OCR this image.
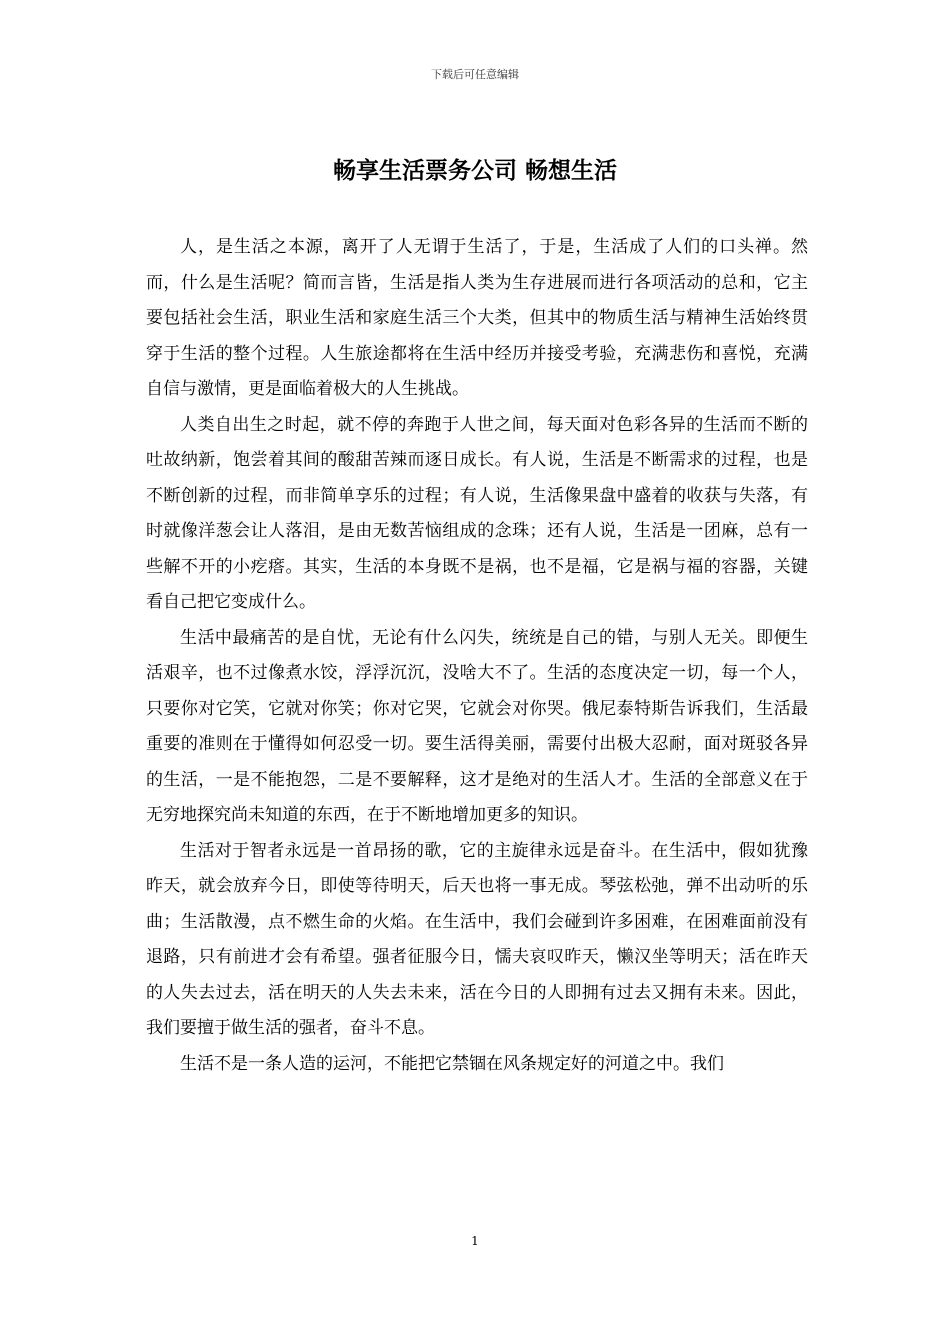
下载后可任意编辑
畅享生活票务公司 畅想生活

人，是生活之本源，离开了人无谓于生活了，于是，生活成了人们的口头禅。然而，什么是生活呢？简而言皆，生活是指人类为生存进展而进行各项活动的总和，它主要包括社会生活，职业生活和家庭生活三个大类，但其中的物质生活与精神生活始终贯穿于生活的整个过程。人生旅途都将在生活中经历并接受考验，充满悲伤和喜悦，充满自信与激情，更是面临着极大的人生挑战。

人类自出生之时起，就不停的奔跑于人世之间，每天面对色彩各异的生活而不断的吐故纳新，饱尝着其间的酸甜苦辣而逐日成长。有人说，生活是不断需求的过程，也是不断创新的过程，而非简单享乐的过程；有人说，生活像果盘中盛着的收获与失落，有时就像洋葱会让人落泪，是由无数苦恼组成的念珠；还有人说，生活是一团麻，总有一些解不开的小疙瘩。其实，生活的本身既不是祸，也不是福，它是祸与福的容器，关键看自己把它变成什么。

生活中最痛苦的是自忧，无论有什么闪失，统统是自己的错，与别人无关。即便生活艰辛，也不过像煮水饺，浮浮沉沉，没啥大不了。生活的态度决定一切，每一个人，只要你对它笑，它就对你笑；你对它哭，它就会对你哭。俄尼泰特斯告诉我们，生活最重要的准则在于懂得如何忍受一切。要生活得美丽，需要付出极大忍耐，面对斑驳各异的生活，一是不能抱怨，二是不要解释，这才是绝对的生活人才。生活的全部意义在于无穷地探究尚未知道的东西，在于不断地增加更多的知识。

生活对于智者永远是一首昂扬的歌，它的主旋律永远是奋斗。在生活中，假如犹豫昨天，就会放弃今日，即使等待明天，后天也将一事无成。琴弦松弛，弹不出动听的乐曲；生活散漫，点不燃生命的火焰。在生活中，我们会碰到许多困难，在困难面前没有退路，只有前进才会有希望。强者征服今日，懦夫哀叹昨天，懒汉坐等明天；活在昨天的人失去过去，活在明天的人失去未来，活在今日的人即拥有过去又拥有未来。因此，我们要擅于做生活的强者，奋斗不息。

生活不是一条人造的运河，不能把它禁锢在风条规定好的河道之中。我们

1
